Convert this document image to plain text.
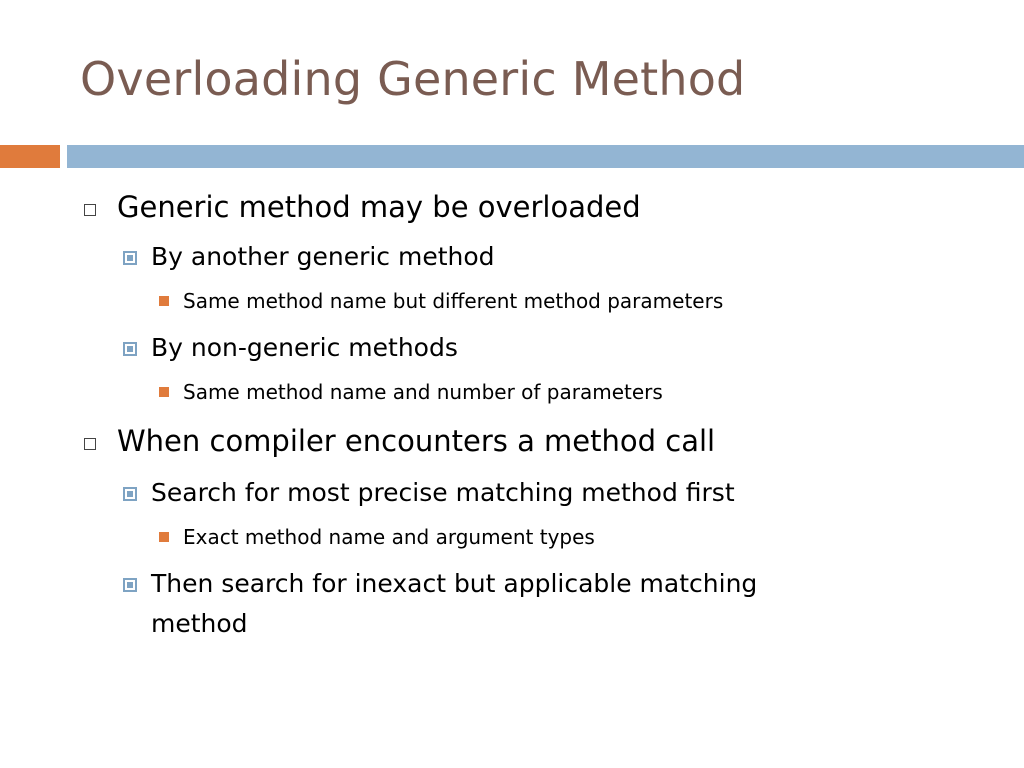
Overloading Generic Method
Generic method may be overloaded
By another generic method
Same method name but different method parameters
By non-generic methods
Same method name and number of parameters
When compiler encounters a method call
Search for most precise matching method first
Exact method name and argument types
Then search for inexact but applicable matching
method
